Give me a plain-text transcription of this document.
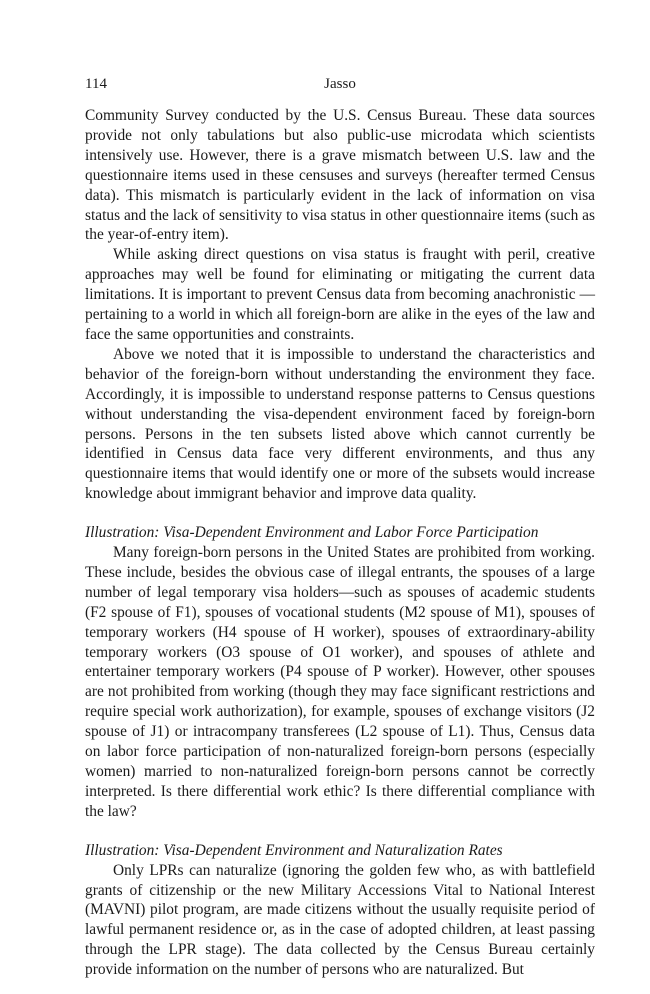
114	Jasso

Community Survey conducted by the U.S. Census Bureau. These data sources provide not only tabulations but also public-use microdata which scientists intensively use. However, there is a grave mismatch between U.S. law and the questionnaire items used in these censuses and surveys (hereafter termed Census data). This mismatch is particularly evident in the lack of information on visa status and the lack of sensitivity to visa status in other questionnaire items (such as the year-of-entry item).

While asking direct questions on visa status is fraught with peril, creative approaches may well be found for eliminating or mitigating the current data limitations. It is important to prevent Census data from becoming anachronistic —pertaining to a world in which all foreign-born are alike in the eyes of the law and face the same opportunities and constraints.

Above we noted that it is impossible to understand the characteristics and behavior of the foreign-born without understanding the environment they face. Accordingly, it is impossible to understand response patterns to Census questions without understanding the visa-dependent environment faced by foreign-born persons. Persons in the ten subsets listed above which cannot currently be identified in Census data face very different environments, and thus any questionnaire items that would identify one or more of the subsets would increase knowledge about immigrant behavior and improve data quality.

Illustration: Visa-Dependent Environment and Labor Force Participation

Many foreign-born persons in the United States are prohibited from working. These include, besides the obvious case of illegal entrants, the spouses of a large number of legal temporary visa holders—such as spouses of academic students (F2 spouse of F1), spouses of vocational students (M2 spouse of M1), spouses of temporary workers (H4 spouse of H worker), spouses of extraordinary-ability temporary workers (O3 spouse of O1 worker), and spouses of athlete and entertainer temporary workers (P4 spouse of P worker). However, other spouses are not prohibited from working (though they may face significant restrictions and require special work authorization), for example, spouses of exchange visitors (J2 spouse of J1) or intracompany transferees (L2 spouse of L1). Thus, Census data on labor force participation of non-naturalized foreign-born persons (especially women) married to non-naturalized foreign-born persons cannot be correctly interpreted. Is there differential work ethic? Is there differential compliance with the law?

Illustration: Visa-Dependent Environment and Naturalization Rates

Only LPRs can naturalize (ignoring the golden few who, as with battlefield grants of citizenship or the new Military Accessions Vital to National Interest (MAVNI) pilot program, are made citizens without the usually requisite period of lawful permanent residence or, as in the case of adopted children, at least passing through the LPR stage). The data collected by the Census Bureau certainly provide information on the number of persons who are naturalized. But
